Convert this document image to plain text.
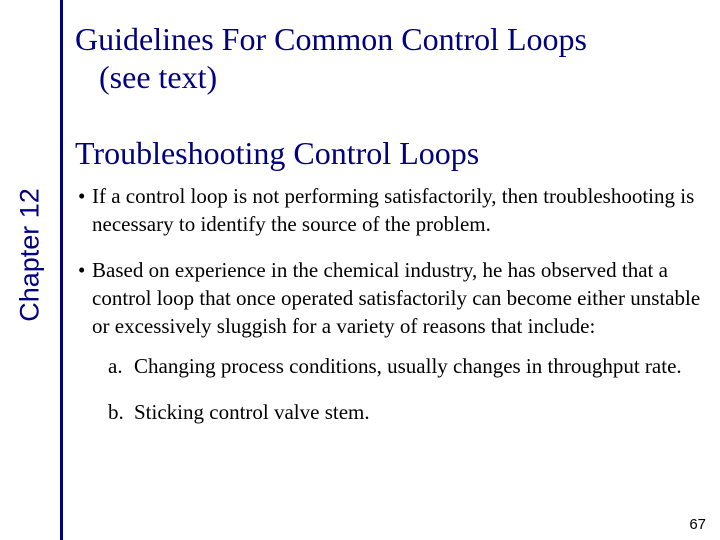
Chapter 12
Guidelines For Common Control Loops
(see text)
Troubleshooting Control Loops
• If a control loop is not performing satisfactorily, then troubleshooting is necessary to identify the source of the problem.
• Based on experience in the chemical industry, he has observed that a control loop that once operated satisfactorily can become either unstable or excessively sluggish for a variety of reasons that include:
a. Changing process conditions, usually changes in throughput rate.
b. Sticking control valve stem.
67
